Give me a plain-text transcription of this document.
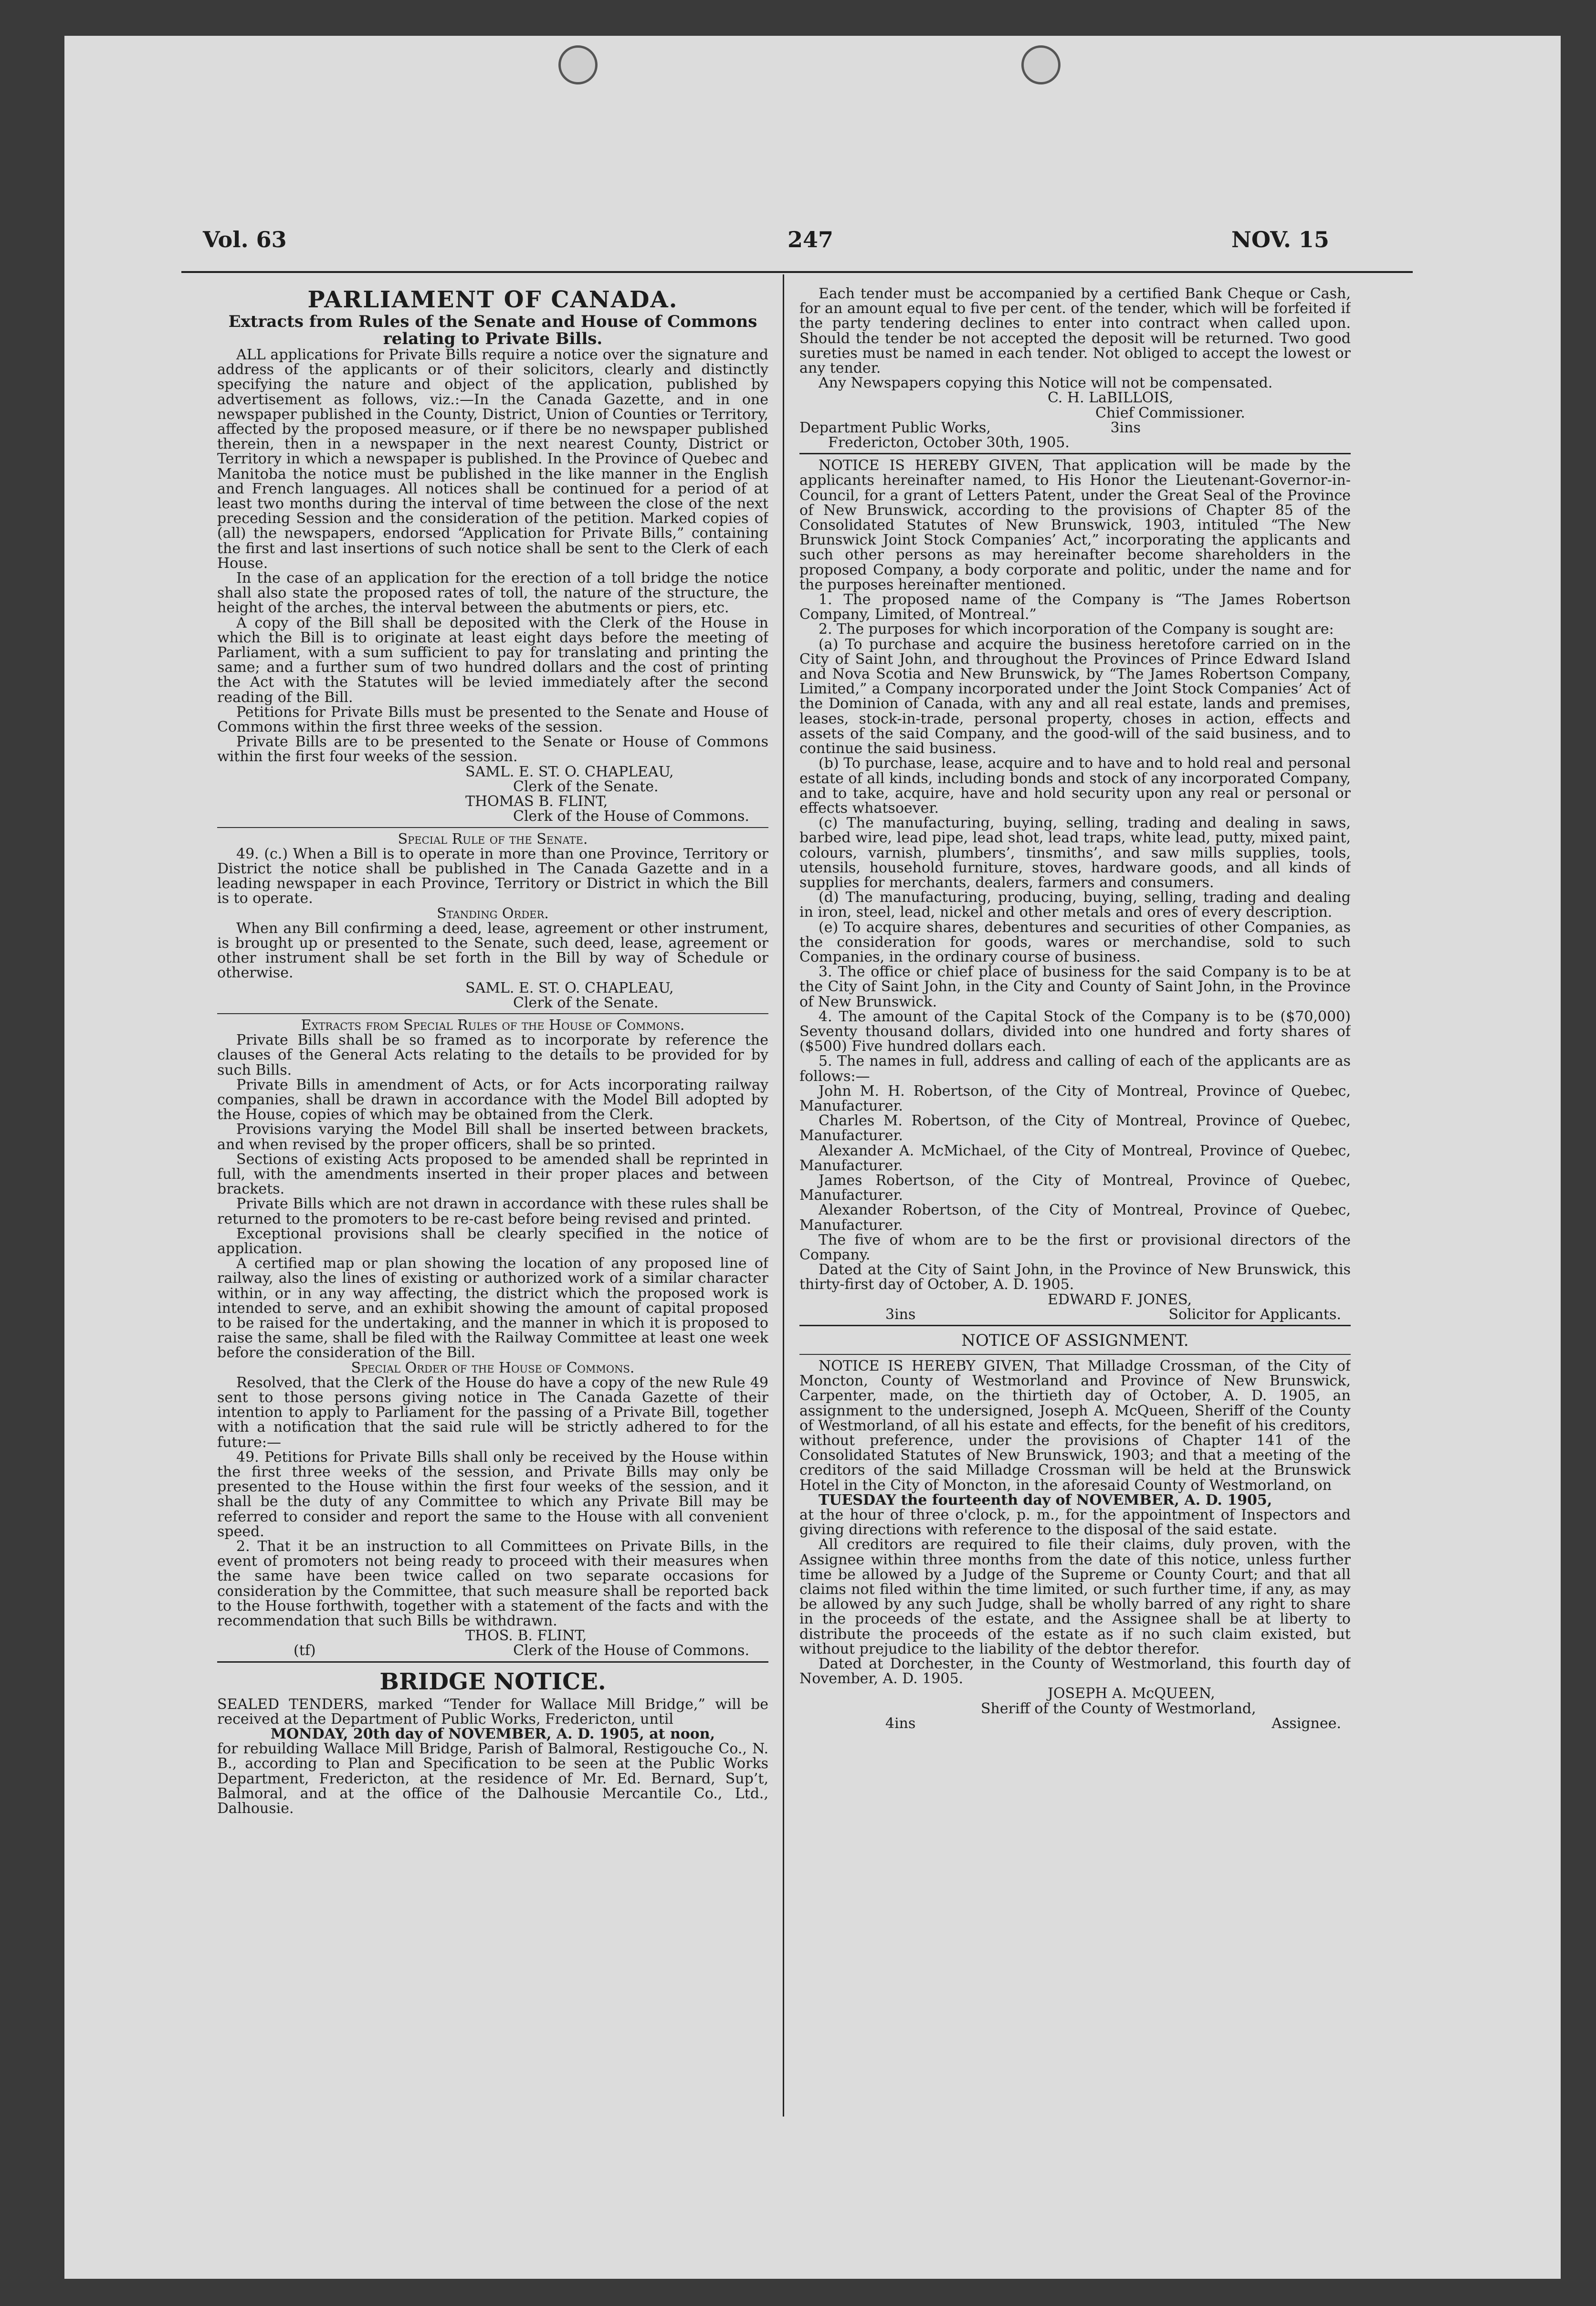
Vol. 63	247	NOV. 15

PARLIAMENT OF CANADA.

Extracts from Rules of the Senate and House of Commons relating to Private Bills.

ALL applications for Private Bills require a notice over the signature and address of the applicants or of their solicitors, clearly and distinctly specifying the nature and object of the application, published by advertisement as follows, viz.:—In the Canada Gazette, and in one newspaper published in the County, District, Union of Counties or Territory, affected by the proposed measure, or if there be no newspaper published therein, then in a newspaper in the next nearest County, District or Territory in which a newspaper is published. In the Province of Quebec and Manitoba the notice must be published in the like manner in the English and French languages. All notices shall be continued for a period of at least two months during the interval of time between the close of the next preceding Session and the consideration of the petition. Marked copies of (all) the newspapers, endorsed “Application for Private Bills,” containing the first and last insertions of such notice shall be sent to the Clerk of each House.

In the case of an application for the erection of a toll bridge the notice shall also state the proposed rates of toll, the nature of the structure, the height of the arches, the interval between the abutments or piers, etc.

A copy of the Bill shall be deposited with the Clerk of the House in which the Bill is to originate at least eight days before the meeting of Parliament, with a sum sufficient to pay for translating and printing the same; and a further sum of two hundred dollars and the cost of printing the Act with the Statutes will be levied immediately after the second reading of the Bill.

Petitions for Private Bills must be presented to the Senate and House of Commons within the first three weeks of the session.

Private Bills are to be presented to the Senate or House of Commons within the first four weeks of the session.

SAML. E. ST. O. CHAPLEAU,

Clerk of the Senate.

THOMAS B. FLINT,

Clerk of the House of Commons.

Special Rule of the Senate.

49. (c.) When a Bill is to operate in more than one Province, Territory or District the notice shall be published in The Canada Gazette and in a leading newspaper in each Province, Territory or District in which the Bill is to operate.

Standing Order.

When any Bill confirming a deed, lease, agreement or other instrument, is brought up or presented to the Senate, such deed, lease, agreement or other instrument shall be set forth in the Bill by way of Schedule or otherwise.

SAML. E. ST. O. CHAPLEAU,

Clerk of the Senate.

Extracts from Special Rules of the House of Commons.

Private Bills shall be so framed as to incorporate by reference the clauses of the General Acts relating to the details to be provided for by such Bills.

Private Bills in amendment of Acts, or for Acts incorporating railway companies, shall be drawn in accordance with the Model Bill adopted by the House, copies of which may be obtained from the Clerk.

Provisions varying the Model Bill shall be inserted between brackets, and when revised by the proper officers, shall be so printed.

Sections of existing Acts proposed to be amended shall be reprinted in full, with the amendments inserted in their proper places and between brackets.

Private Bills which are not drawn in accordance with these rules shall be returned to the promoters to be re-cast before being revised and printed.

Exceptional provisions shall be clearly specified in the notice of application.

A certified map or plan showing the location of any proposed line of railway, also the lines of existing or authorized work of a similar character within, or in any way affecting, the district which the proposed work is intended to serve, and an exhibit showing the amount of capital proposed to be raised for the undertaking, and the manner in which it is proposed to raise the same, shall be filed with the Railway Committee at least one week before the consideration of the Bill.

Special Order of the House of Commons.

Resolved, that the Clerk of the House do have a copy of the new Rule 49 sent to those persons giving notice in The Canada Gazette of their intention to apply to Parliament for the passing of a Private Bill, together with a notification that the said rule will be strictly adhered to for the future:—

49. Petitions for Private Bills shall only be received by the House within the first three weeks of the session, and Private Bills may only be presented to the House within the first four weeks of the session, and it shall be the duty of any Committee to which any Private Bill may be referred to consider and report the same to the House with all convenient speed.

2. That it be an instruction to all Committees on Private Bills, in the event of promoters not being ready to proceed with their measures when the same have been twice called on two separate occasions for consideration by the Committee, that such measure shall be reported back to the House forthwith, together with a statement of the facts and with the recommendation that such Bills be withdrawn.

THOS. B. FLINT,

(tf)	Clerk of the House of Commons.

BRIDGE NOTICE.

SEALED TENDERS, marked “Tender for Wallace Mill Bridge,” will be received at the Department of Public Works, Fredericton, until

MONDAY, 20th day of NOVEMBER, A. D. 1905, at noon,

for rebuilding Wallace Mill Bridge, Parish of Balmoral, Restigouche Co., N. B., according to Plan and Specification to be seen at the Public Works Department, Fredericton, at the residence of Mr. Ed. Bernard, Sup’t, Balmoral, and at the office of the Dalhousie Mercantile Co., Ltd., Dalhousie.

Each tender must be accompanied by a certified Bank Cheque or Cash, for an amount equal to five per cent. of the tender, which will be forfeited if the party tendering declines to enter into contract when called upon. Should the tender be not accepted the deposit will be returned. Two good sureties must be named in each tender. Not obliged to accept the lowest or any tender.

Any Newspapers copying this Notice will not be compensated.

C. H. LaBILLOIS,

Chief Commissioner.

Department Public Works,	3ins

Fredericton, October 30th, 1905.

NOTICE IS HEREBY GIVEN, That application will be made by the applicants hereinafter named, to His Honor the Lieutenant-Governor-in-Council, for a grant of Letters Patent, under the Great Seal of the Province of New Brunswick, according to the provisions of Chapter 85 of the Consolidated Statutes of New Brunswick, 1903, intituled “The New Brunswick Joint Stock Companies’ Act,” incorporating the applicants and such other persons as may hereinafter become shareholders in the proposed Company, a body corporate and politic, under the name and for the purposes hereinafter mentioned.

1. The proposed name of the Company is “The James Robertson Company, Limited, of Montreal.”

2. The purposes for which incorporation of the Company is sought are:

(a) To purchase and acquire the business heretofore carried on in the City of Saint John, and throughout the Provinces of Prince Edward Island and Nova Scotia and New Brunswick, by “The James Robertson Company, Limited,” a Company incorporated under the Joint Stock Companies’ Act of the Dominion of Canada, with any and all real estate, lands and premises, leases, stock-in-trade, personal property, choses in action, effects and assets of the said Company, and the good-will of the said business, and to continue the said business.

(b) To purchase, lease, acquire and to have and to hold real and personal estate of all kinds, including bonds and stock of any incorporated Company, and to take, acquire, have and hold security upon any real or personal or effects whatsoever.

(c) The manufacturing, buying, selling, trading and dealing in saws, barbed wire, lead pipe, lead shot, lead traps, white lead, putty, mixed paint, colours, varnish, plumbers’, tinsmiths’, and saw mills supplies, tools, utensils, household furniture, stoves, hardware goods, and all kinds of supplies for merchants, dealers, farmers and consumers.

(d) The manufacturing, producing, buying, selling, trading and dealing in iron, steel, lead, nickel and other metals and ores of every description.

(e) To acquire shares, debentures and securities of other Companies, as the consideration for goods, wares or merchandise, sold to such Companies, in the ordinary course of business.

3. The office or chief place of business for the said Company is to be at the City of Saint John, in the City and County of Saint John, in the Province of New Brunswick.

4. The amount of the Capital Stock of the Company is to be ($70,000) Seventy thousand dollars, divided into one hundred and forty shares of ($500) Five hundred dollars each.

5. The names in full, address and calling of each of the applicants are as follows:—

John M. H. Robertson, of the City of Montreal, Province of Quebec, Manufacturer.

Charles M. Robertson, of the City of Montreal, Province of Quebec, Manufacturer.

Alexander A. McMichael, of the City of Montreal, Province of Quebec, Manufacturer.

James Robertson, of the City of Montreal, Province of Quebec, Manufacturer.

Alexander Robertson, of the City of Montreal, Province of Quebec, Manufacturer.

The five of whom are to be the first or provisional directors of the Company.

Dated at the City of Saint John, in the Province of New Brunswick, this thirty-first day of October, A. D. 1905.

EDWARD F. JONES,

3ins	Solicitor for Applicants.

NOTICE OF ASSIGNMENT.

NOTICE IS HEREBY GIVEN, That Milladge Crossman, of the City of Moncton, County of Westmorland and Province of New Brunswick, Carpenter, made, on the thirtieth day of October, A. D. 1905, an assignment to the undersigned, Joseph A. McQueen, Sheriff of the County of Westmorland, of all his estate and effects, for the benefit of his creditors, without preference, under the provisions of Chapter 141 of the Consolidated Statutes of New Brunswick, 1903; and that a meeting of the creditors of the said Milladge Crossman will be held at the Brunswick Hotel in the City of Moncton, in the aforesaid County of Westmorland, on

TUESDAY the fourteenth day of NOVEMBER, A. D. 1905,

at the hour of three o'clock, p. m., for the appointment of Inspectors and giving directions with reference to the disposal of the said estate.

All creditors are required to file their claims, duly proven, with the Assignee within three months from the date of this notice, unless further time be allowed by a Judge of the Supreme or County Court; and that all claims not filed within the time limited, or such further time, if any, as may be allowed by any such Judge, shall be wholly barred of any right to share in the proceeds of the estate, and the Assignee shall be at liberty to distribute the proceeds of the estate as if no such claim existed, but without prejudice to the liability of the debtor therefor.

Dated at Dorchester, in the County of Westmorland, this fourth day of November, A. D. 1905.

JOSEPH A. McQUEEN,

Sheriff of the County of Westmorland,

4ins	Assignee.
